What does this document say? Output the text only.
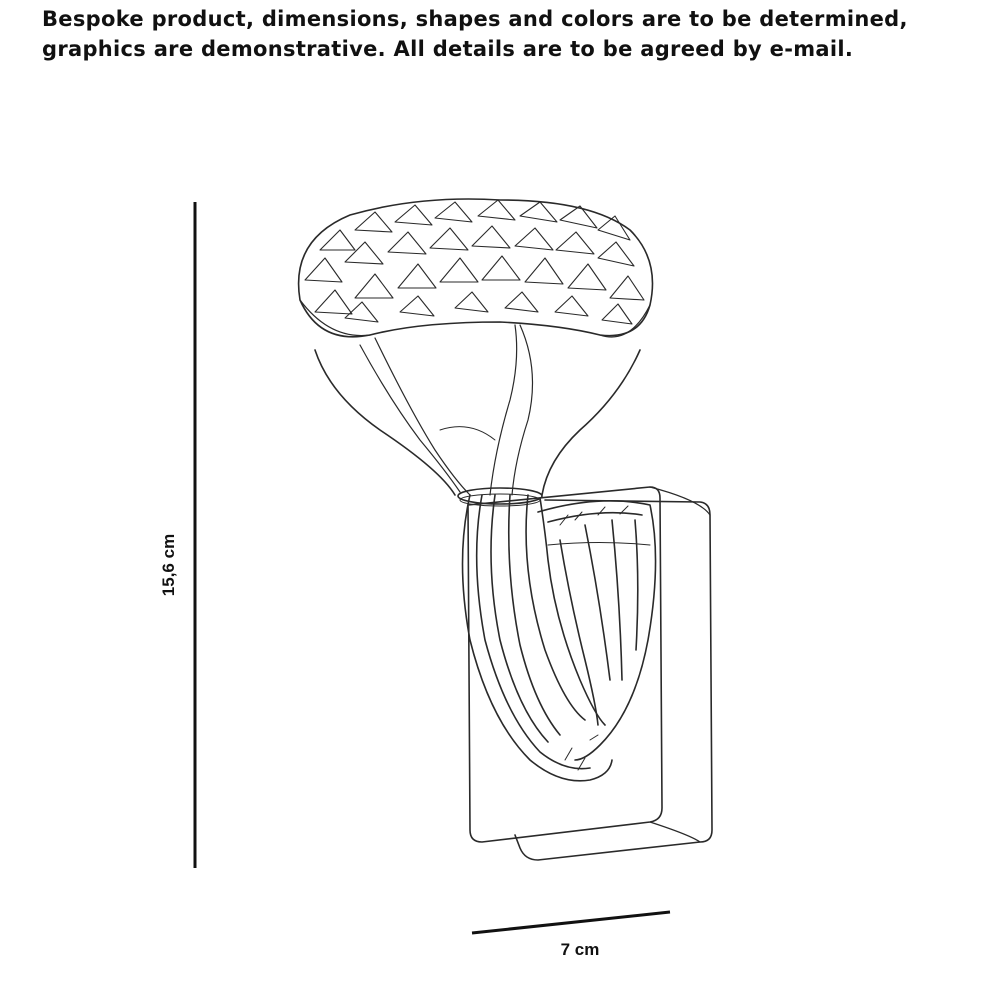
Bespoke product, dimensions, shapes and colors are to be determined, graphics are demonstrative. All details are to be agreed by e-mail.

15,6 cm
7 cm
